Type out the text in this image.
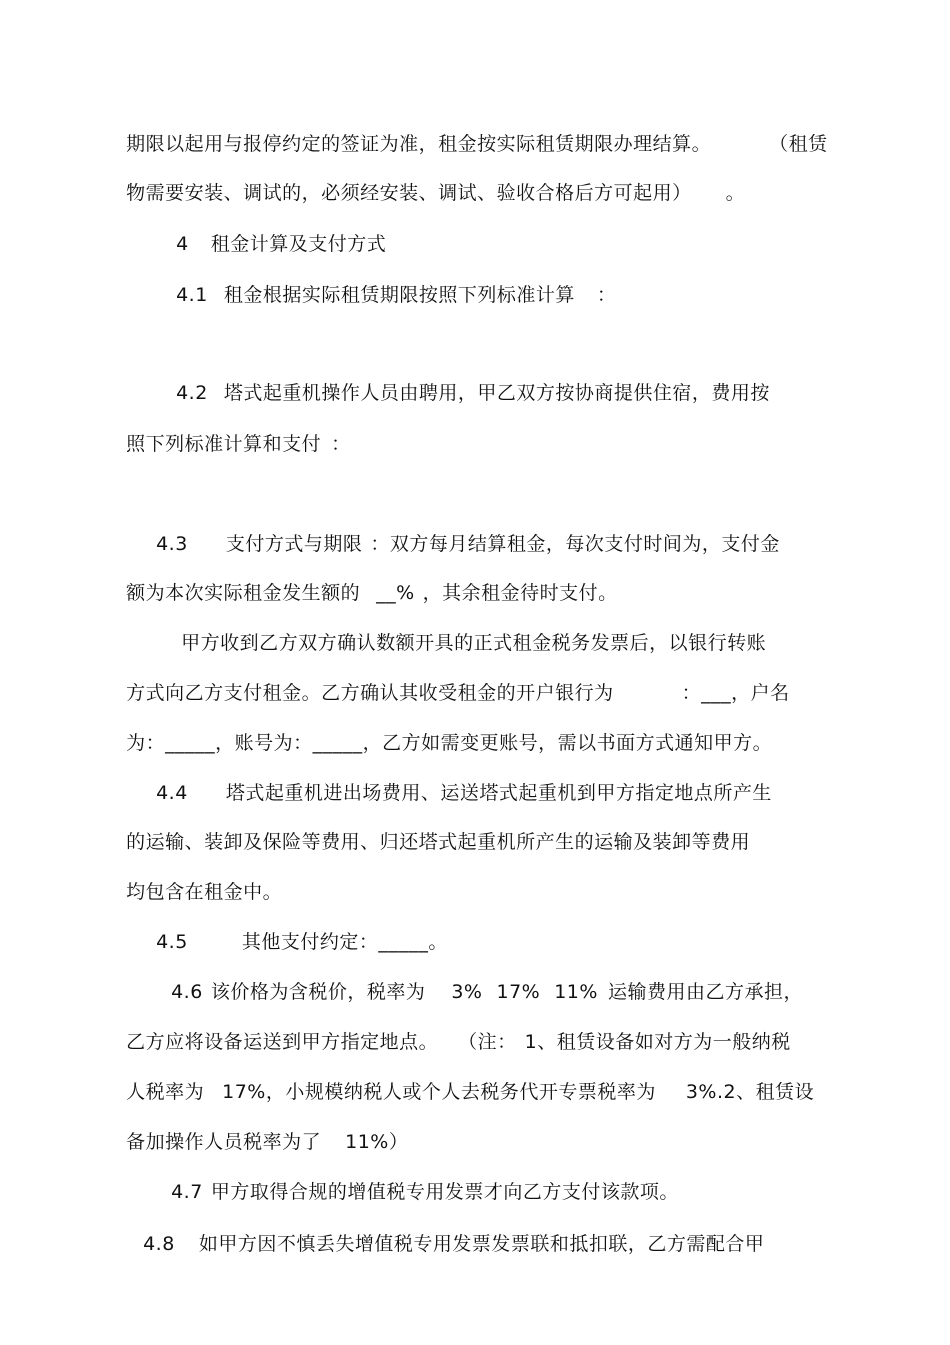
期限以起用与报停约定的签证为准，租金按实际租赁期限办理结算。	（租赁

物需要安装、调试的，必须经安装、调试、验收合格后方可起用） 。

4 租金计算及支付方式

4.1 租金根据实际租赁期限按照下列标准计算 ：

4.2 塔式起重机操作人员由聘用，甲乙双方按协商提供住宿，费用按

照下列标准计算和支付 ：

4.3 支付方式与期限 ：双方每月结算租金，每次支付时间为，支付金

额为本次实际租金发生额的 __% ，其余租金待时支付。

甲方收到乙方双方确认数额开具的正式租金税务发票后，以银行转账

方式向乙方支付租金。乙方确认其收受租金的开户银行为	：___，户名

为：_____，账号为：_____，乙方如需变更账号，需以书面方式通知甲方。

4.4 塔式起重机进出场费用、运送塔式起重机到甲方指定地点所产生

的运输、装卸及保险等费用、归还塔式起重机所产生的运输及装卸等费用

均包含在租金中。

4.5	其他支付约定：_____。

4.6 该价格为含税价，税率为 3% 17% 11% 运输费用由乙方承担，

乙方应将设备运送到甲方指定地点。 （注： 1、租赁设备如对方为一般纳税

人税率为 17%，小规模纳税人或个人去税务代开专票税率为 3%.2、租赁设

备加操作人员税率为了 11%）

4.7 甲方取得合规的增值税专用发票才向乙方支付该款项。

4.8 如甲方因不慎丢失增值税专用发票发票联和抵扣联，乙方需配合甲
